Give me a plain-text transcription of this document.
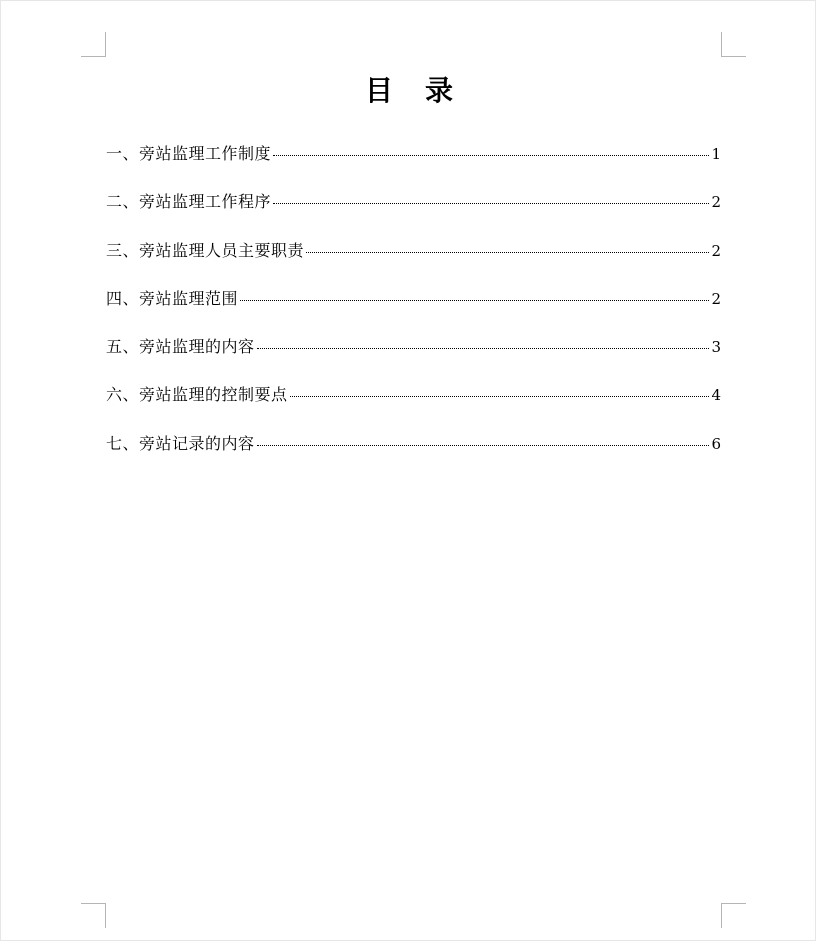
目录
一、旁站监理工作制度	1
二、旁站监理工作程序	2
三、旁站监理人员主要职责	2
四、旁站监理范围	2
五、旁站监理的内容	3
六、旁站监理的控制要点	4
七、旁站记录的内容	6
